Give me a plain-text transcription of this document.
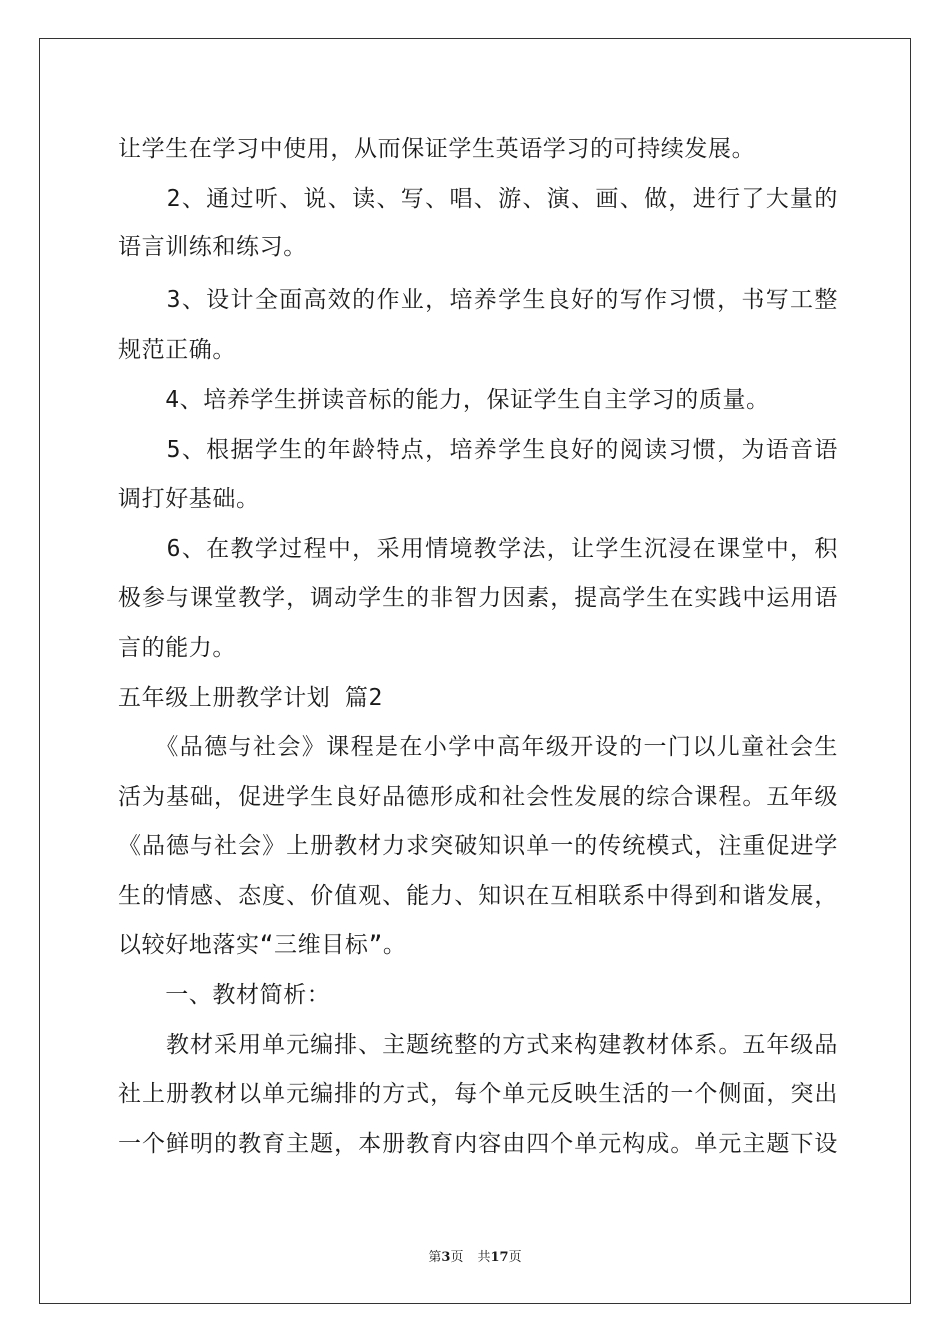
让学生在学习中使用，从而保证学生英语学习的可持续发展。
　　2、通过听、说、读、写、唱、游、演、画、做，进行了大量的
语言训练和练习。
　　3、设计全面高效的作业，培养学生良好的写作习惯，书写工整
规范正确。
　　4、培养学生拼读音标的能力，保证学生自主学习的质量。
　　5、根据学生的年龄特点，培养学生良好的阅读习惯，为语音语
调打好基础。
　　6、在教学过程中，采用情境教学法，让学生沉浸在课堂中，积
极参与课堂教学，调动学生的非智力因素，提高学生在实践中运用语
言的能力。
五年级上册教学计划 篇2
　　《品德与社会》课程是在小学中高年级开设的一门以儿童社会生
活为基础，促进学生良好品德形成和社会性发展的综合课程。五年级
《品德与社会》上册教材力求突破知识单一的传统模式，注重促进学
生的情感、态度、价值观、能力、知识在互相联系中得到和谐发展，
以较好地落实“三维目标”。
　　一、教材简析：
　　教材采用单元编排、主题统整的方式来构建教材体系。五年级品
社上册教材以单元编排的方式，每个单元反映生活的一个侧面，突出
一个鲜明的教育主题，本册教育内容由四个单元构成。单元主题下设
第3页 共17页
